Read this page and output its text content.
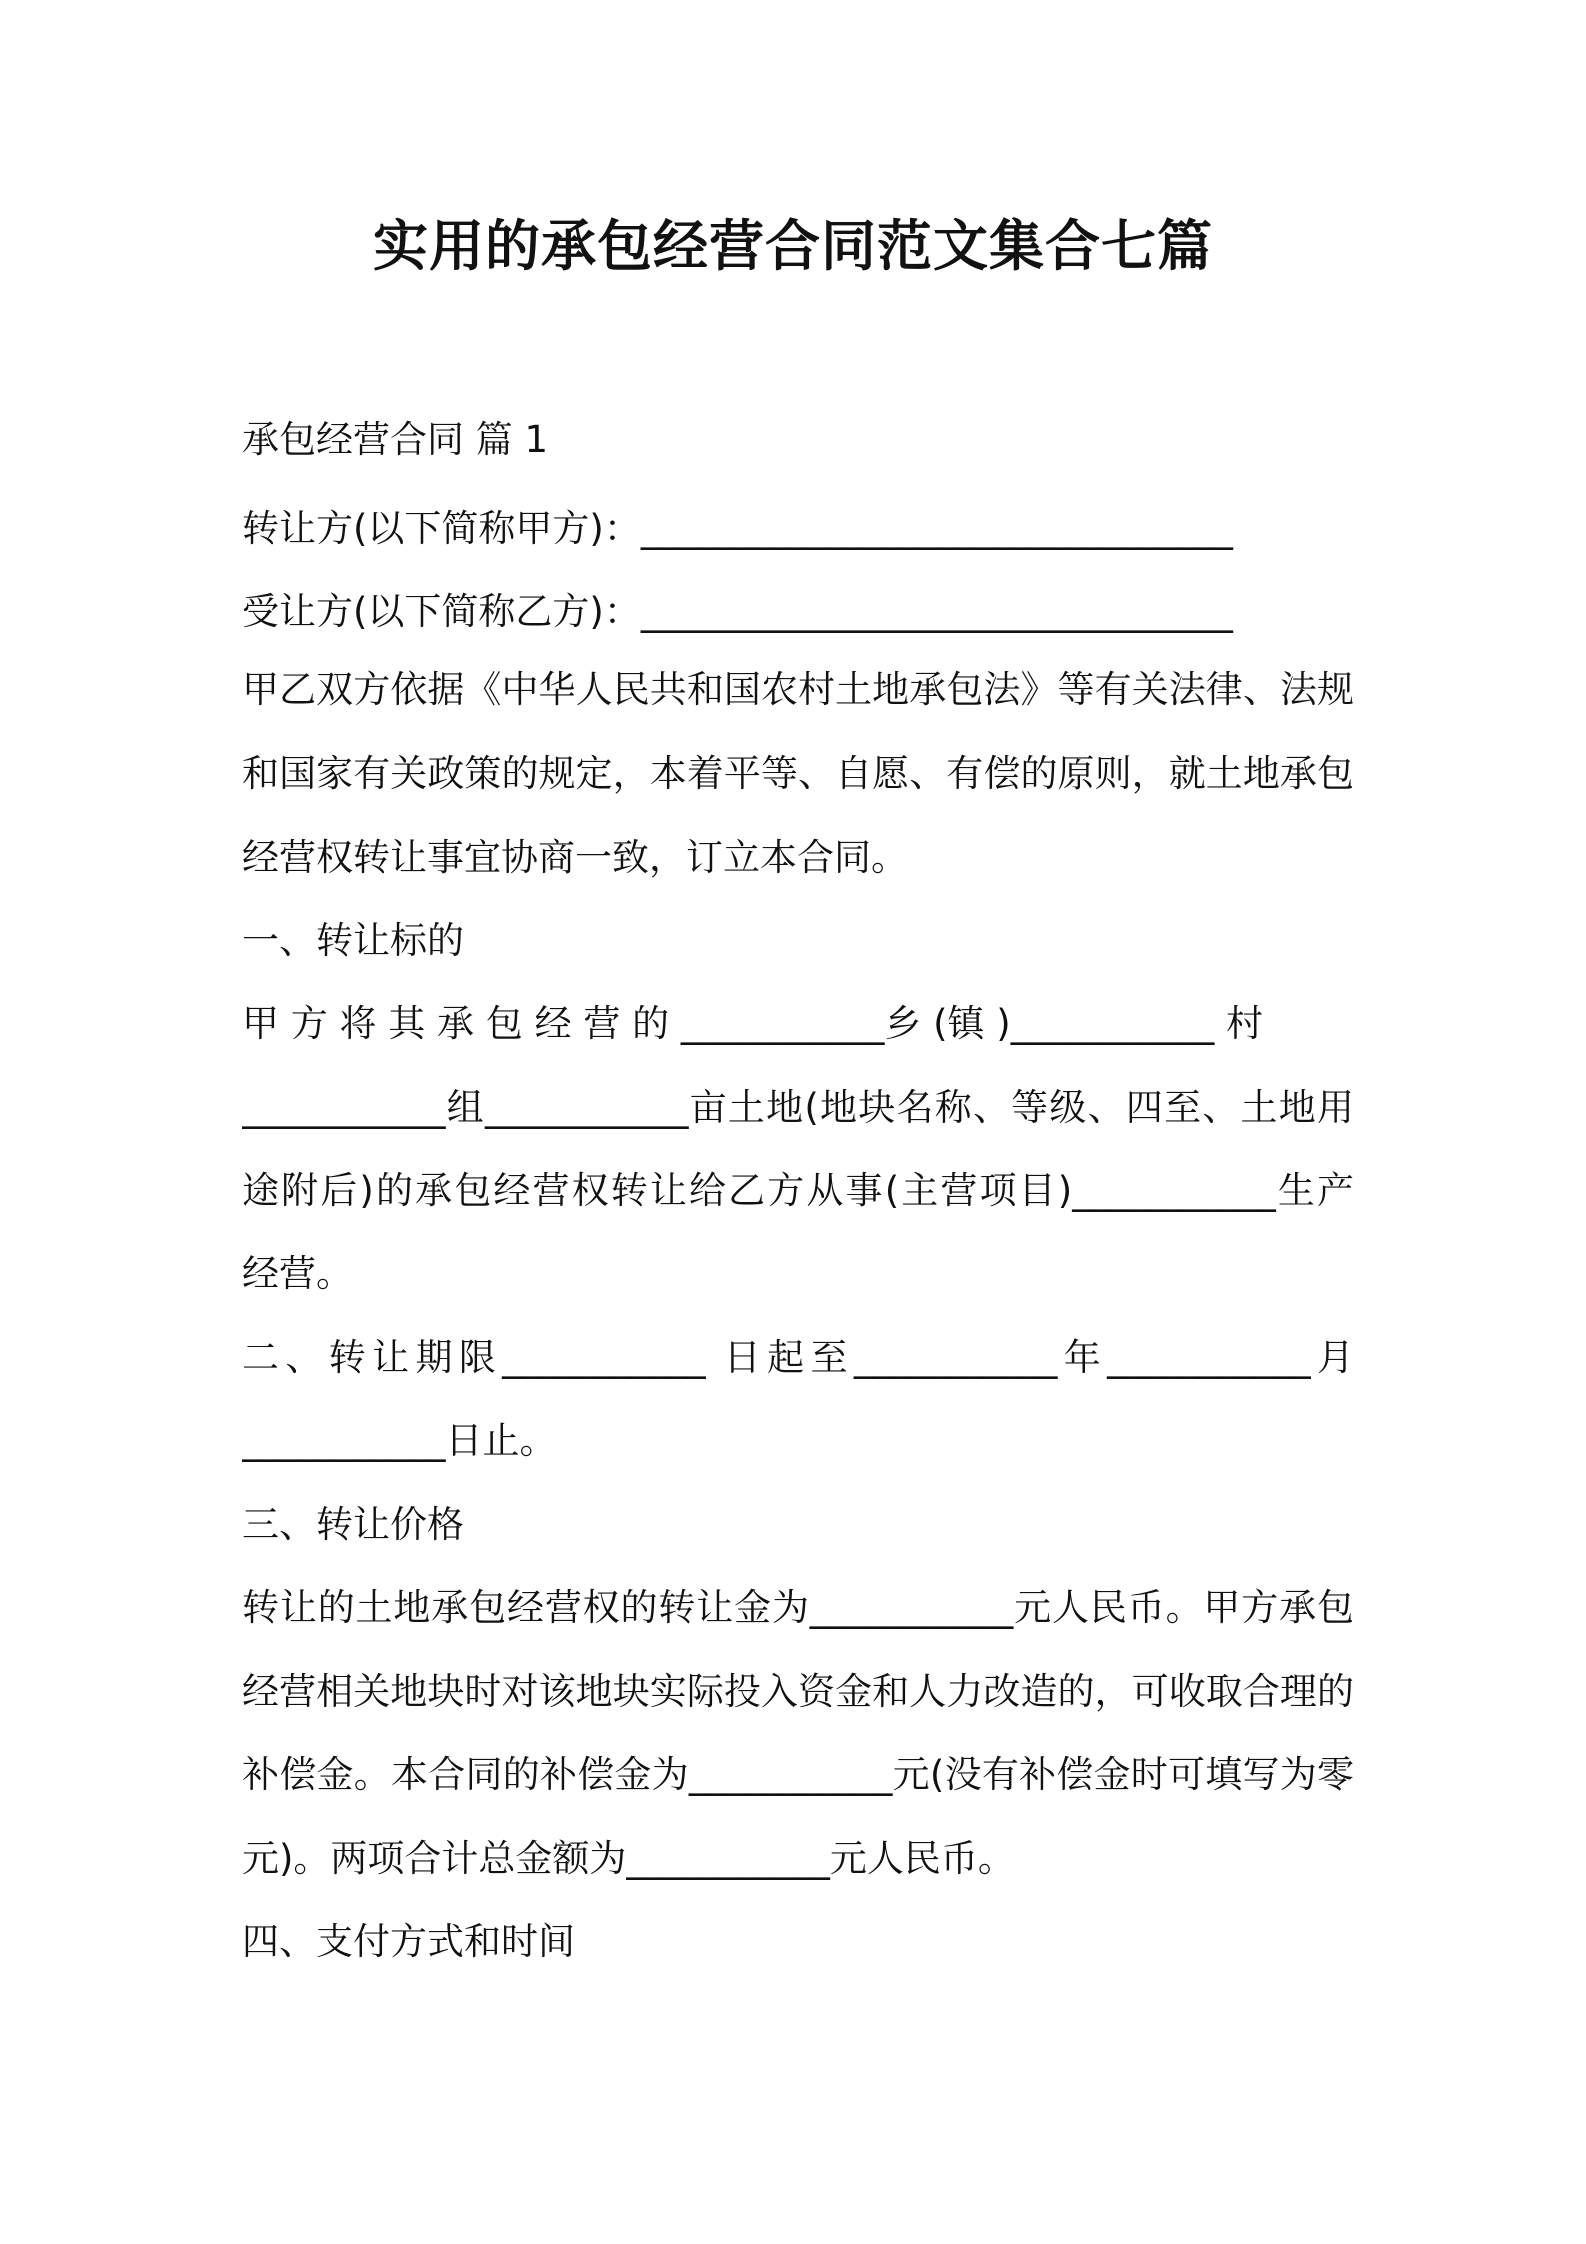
实用的承包经营合同范文集合七篇
承包经营合同 篇 1
转让方(以下简称甲方)：________________________________
受让方(以下简称乙方)：________________________________
甲乙双方依据《中华人民共和国农村土地承包法》等有关法律、法规
和国家有关政策的规定，本着平等、自愿、有偿的原则，就土地承包
经营权转让事宜协商一致，订立本合同。
一、转让标的
甲 方 将 其 承 包 经 营 的 ___________乡 (镇 )___________ 村
___________组___________亩土地(地块名称、等级、四至、土地用
途附后)的承包经营权转让给乙方从事(主营项目)___________生产
经营。
二、转让期限___________ 日起至___________年___________月
___________日止。
三、转让价格
转让的土地承包经营权的转让金为___________元人民币。甲方承包
经营相关地块时对该地块实际投入资金和人力改造的，可收取合理的
补偿金。本合同的补偿金为___________元(没有补偿金时可填写为零
元)。两项合计总金额为___________元人民币。
四、支付方式和时间
